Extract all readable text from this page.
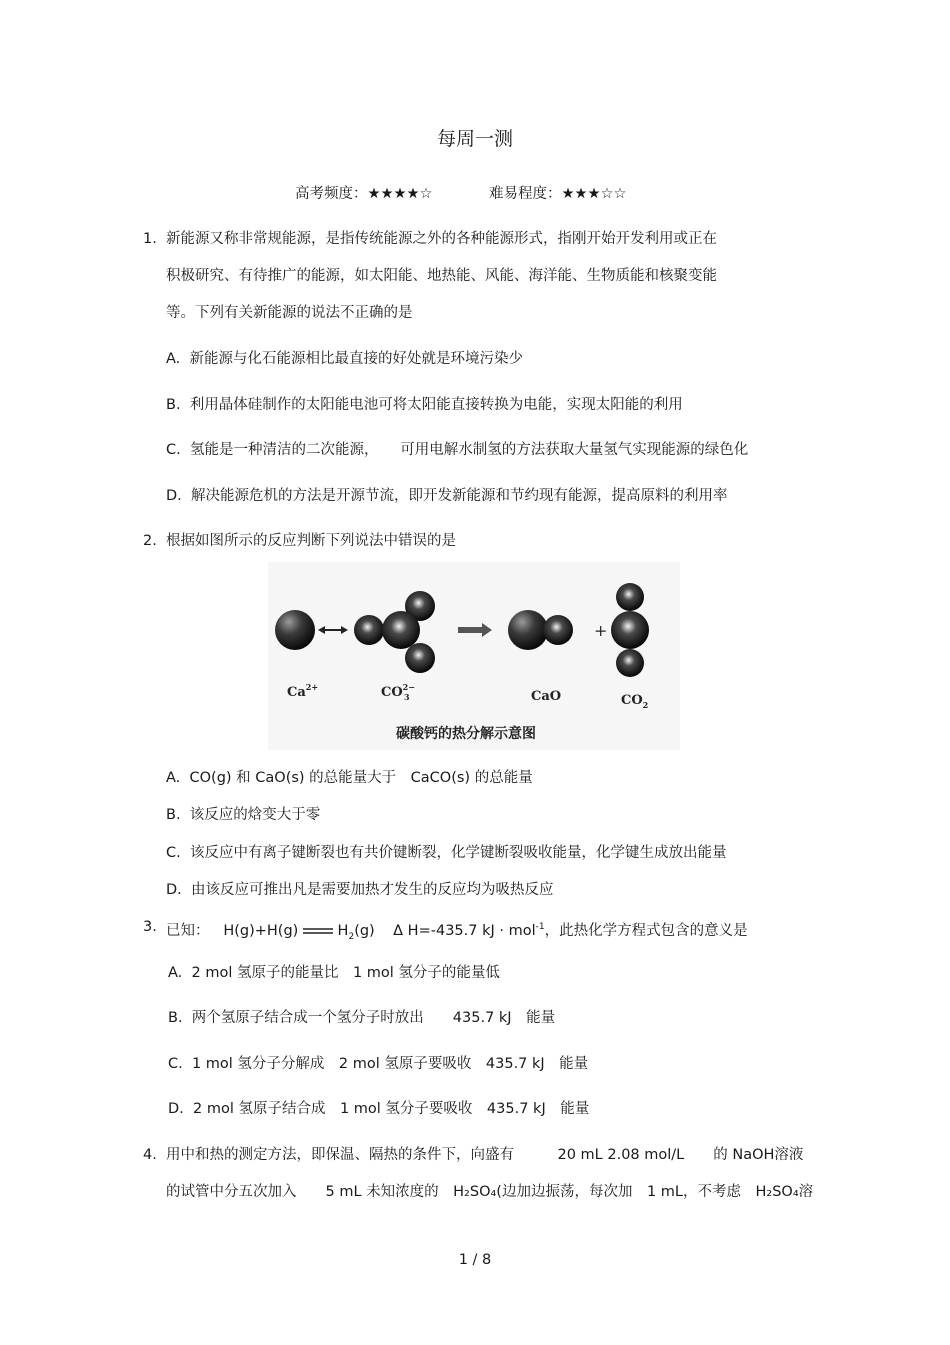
每周一测
高考频度：★★★★☆	难易程度：★★★☆☆
1. 新能源又称非常规能源，是指传统能源之外的各种能源形式，指刚开始开发利用或正在
积极研究、有待推广的能源，如太阳能、地热能、风能、海洋能、生物质能和核聚变能
等。下列有关新能源的说法不正确的是
A. 新能源与化石能源相比最直接的好处就是环境污染少
B. 利用晶体硅制作的太阳能电池可将太阳能直接转换为电能，实现太阳能的利用
C. 氢能是一种清洁的二次能源，　　可用电解水制氢的方法获取大量氢气实现能源的绿色化
D. 解决能源危机的方法是开源节流，即开发新能源和节约现有能源，提高原料的利用率
2. 根据如图所示的反应判断下列说法中错误的是
+
$Ca^{2+}$	$CO^{2-}$ 3	CaO	$CO_2$
碳酸钙的热分解示意图
A. CO(g) 和 CaO(s) 的总能量大于　CaCO(s) 的总能量
B. 该反应的焓变大于零
C. 该反应中有离子键断裂也有共价键断裂，化学键断裂吸收能量，化学键生成放出能量
D. 由该反应可推出凡是需要加热才发生的反应均为吸热反应
3. 已知： H(g)+H(g)	$H_2(g)$ Δ H=-435.7 kJ · mol$^{-1}$，此热化学方程式包含的意义是
A. 2 mol 氢原子的能量比　1 mol 氢分子的能量低
B. 两个氢原子结合成一个氢分子时放出　　435.7 kJ　能量
C. 1 mol 氢分子分解成　2 mol 氢原子要吸收　435.7 kJ　能量
D. 2 mol 氢原子结合成　1 mol 氢分子要吸收　435.7 kJ　能量
4. 用中和热的测定方法，即保温、隔热的条件下，向盛有　　　20 mL 2.08 mol/L　　的 NaOH溶液
的试管中分五次加入　　5 mL 未知浓度的　H₂SO₄(边加边振荡，每次加　1 mL，不考虑　H₂SO₄溶
1 / 8
